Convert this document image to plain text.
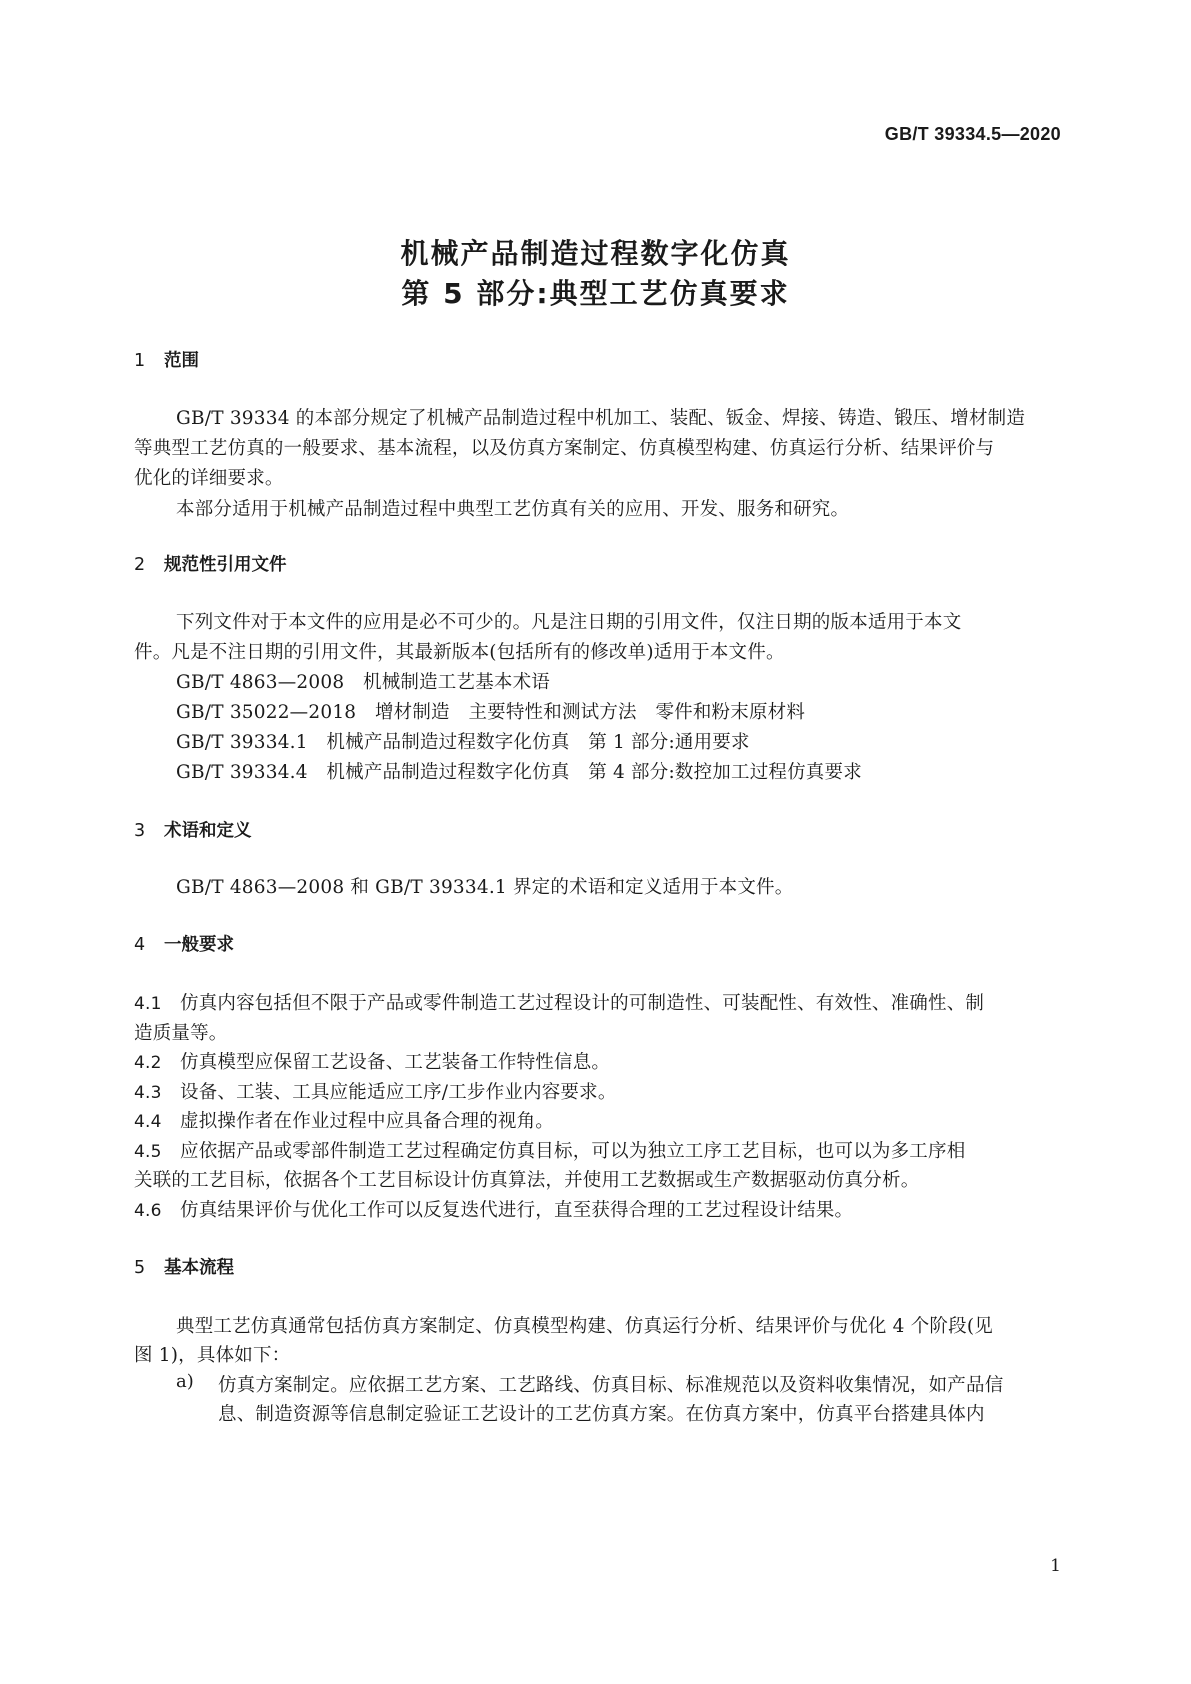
GB/T 39334.5—2020
机械产品制造过程数字化仿真
第 5 部分:典型工艺仿真要求
1 范围
GB/T 39334 的本部分规定了机械产品制造过程中机加工、装配、钣金、焊接、铸造、锻压、增材制造
等典型工艺仿真的一般要求、基本流程，以及仿真方案制定、仿真模型构建、仿真运行分析、结果评价与
优化的详细要求。
本部分适用于机械产品制造过程中典型工艺仿真有关的应用、开发、服务和研究。
2 规范性引用文件
下列文件对于本文件的应用是必不可少的。凡是注日期的引用文件，仅注日期的版本适用于本文
件。凡是不注日期的引用文件，其最新版本(包括所有的修改单)适用于本文件。
GB/T 4863—2008　机械制造工艺基本术语
GB/T 35022—2018　增材制造　主要特性和测试方法　零件和粉末原材料
GB/T 39334.1　机械产品制造过程数字化仿真　第 1 部分:通用要求
GB/T 39334.4　机械产品制造过程数字化仿真　第 4 部分:数控加工过程仿真要求
3 术语和定义
GB/T 4863—2008 和 GB/T 39334.1 界定的术语和定义适用于本文件。
4 一般要求
4.1 仿真内容包括但不限于产品或零件制造工艺过程设计的可制造性、可装配性、有效性、准确性、制
造质量等。
4.2 仿真模型应保留工艺设备、工艺装备工作特性信息。
4.3 设备、工装、工具应能适应工序/工步作业内容要求。
4.4 虚拟操作者在作业过程中应具备合理的视角。
4.5 应依据产品或零部件制造工艺过程确定仿真目标，可以为独立工序工艺目标，也可以为多工序相
关联的工艺目标，依据各个工艺目标设计仿真算法，并使用工艺数据或生产数据驱动仿真分析。
4.6 仿真结果评价与优化工作可以反复迭代进行，直至获得合理的工艺过程设计结果。
5 基本流程
典型工艺仿真通常包括仿真方案制定、仿真模型构建、仿真运行分析、结果评价与优化 4 个阶段(见
图 1)，具体如下：
a) 仿真方案制定。应依据工艺方案、工艺路线、仿真目标、标准规范以及资料收集情况，如产品信
息、制造资源等信息制定验证工艺设计的工艺仿真方案。在仿真方案中，仿真平台搭建具体内
1
